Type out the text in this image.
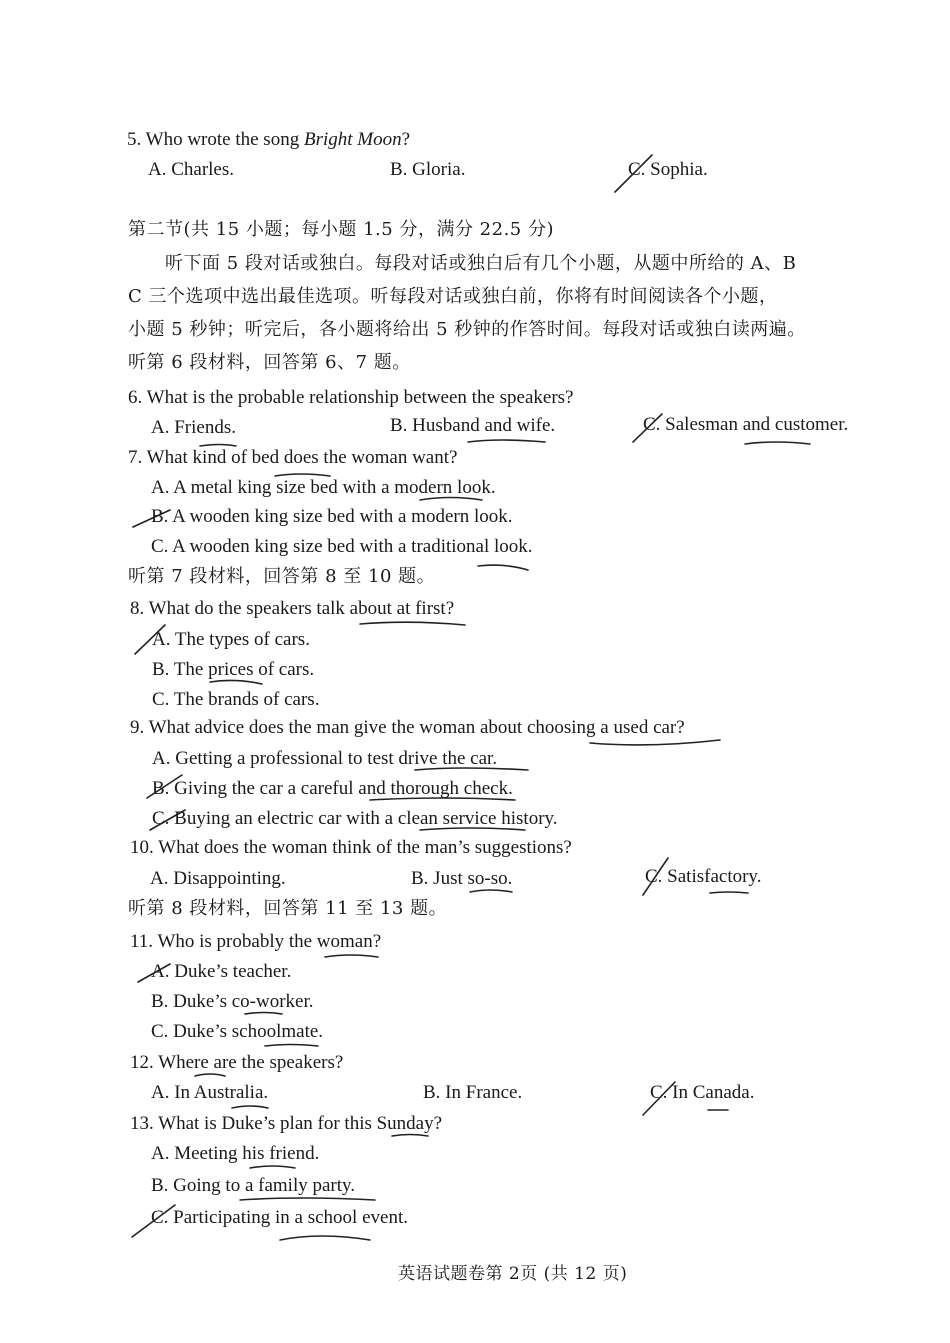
5. Who wrote the song Bright Moon?
A. Charles.	B. Gloria.	C. Sophia.
第二节(共 15 小题；每小题 1.5 分，满分 22.5 分)
听下面 5 段对话或独白。每段对话或独白后有几个小题，从题中所给的 A、B
C 三个选项中选出最佳选项。听每段对话或独白前，你将有时间阅读各个小题，
小题 5 秒钟；听完后，各小题将给出 5 秒钟的作答时间。每段对话或独白读两遍。
听第 6 段材料，回答第 6、7 题。
6. What is the probable relationship between the speakers?
A. Friends.	B. Husband and wife.	C. Salesman and customer.
7. What kind of bed does the woman want?
A. A metal king size bed with a modern look.
B. A wooden king size bed with a modern look.
C. A wooden king size bed with a traditional look.
听第 7 段材料，回答第 8 至 10 题。
8. What do the speakers talk about at first?
A. The types of cars.
B. The prices of cars.
C. The brands of cars.
9. What advice does the man give the woman about choosing a used car?
A. Getting a professional to test drive the car.
B. Giving the car a careful and thorough check.
C. Buying an electric car with a clean service history.
10. What does the woman think of the man’s suggestions?
A. Disappointing.	B. Just so-so.	C. Satisfactory.
听第 8 段材料，回答第 11 至 13 题。
11. Who is probably the woman?
A. Duke’s teacher.
B. Duke’s co-worker.
C. Duke’s schoolmate.
12. Where are the speakers?
A. In Australia.	B. In France.	C. In Canada.
13. What is Duke’s plan for this Sunday?
A. Meeting his friend.
B. Going to a family party.
C. Participating in a school event.
英语试题卷第 2页 (共 12 页)
